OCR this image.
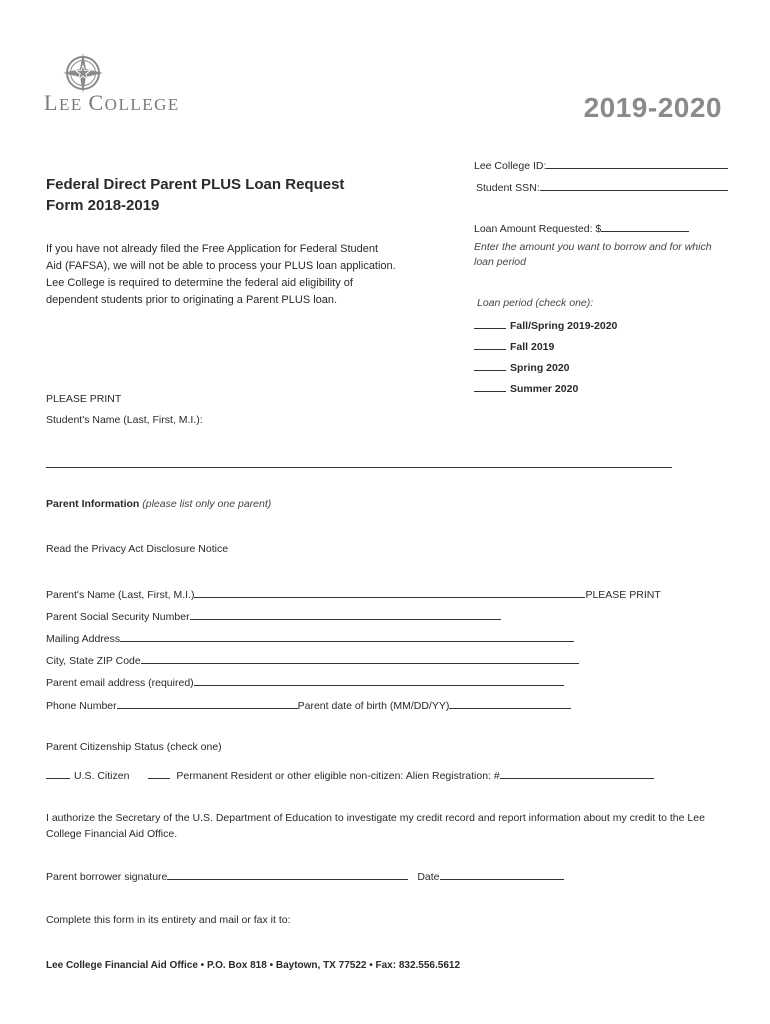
LEE COLLEGE	2019-2020
Lee College ID:
Student SSN:
Federal Direct Parent PLUS Loan Request Form 2018-2019
Loan Amount Requested: $
Enter the amount you want to borrow and for which loan period
If you have not already filed the Free Application for Federal Student Aid (FAFSA), we will not be able to process your PLUS loan application. Lee College is required to determine the federal aid eligibility of dependent students prior to originating a Parent PLUS loan.	Loan period (check one):
Fall/Spring 2019-2020
Fall 2019
Spring 2020
Summer 2020
PLEASE PRINT
Student's Name (Last, First, M.I.):
Parent Information (please list only one parent)
Read the Privacy Act Disclosure Notice
Parent's Name (Last, First, M.I.)	PLEASE PRINT
Parent Social Security Number
Mailing Address
City, State ZIP Code
Parent email address (required)
Phone Number	Parent date of birth (MM/DD/YY)
Parent Citizenship Status (check one)
U.S. Citizen	Permanent Resident or other eligible non-citizen: Alien Registration: #
I authorize the Secretary of the U.S. Department of Education to investigate my credit record and report information about my credit to the Lee College Financial Aid Office.
Parent borrower signature	Date
Complete this form in its entirety and mail or fax it to:
Lee College Financial Aid Office • P.O. Box 818 • Baytown, TX 77522 • Fax: 832.556.5612
